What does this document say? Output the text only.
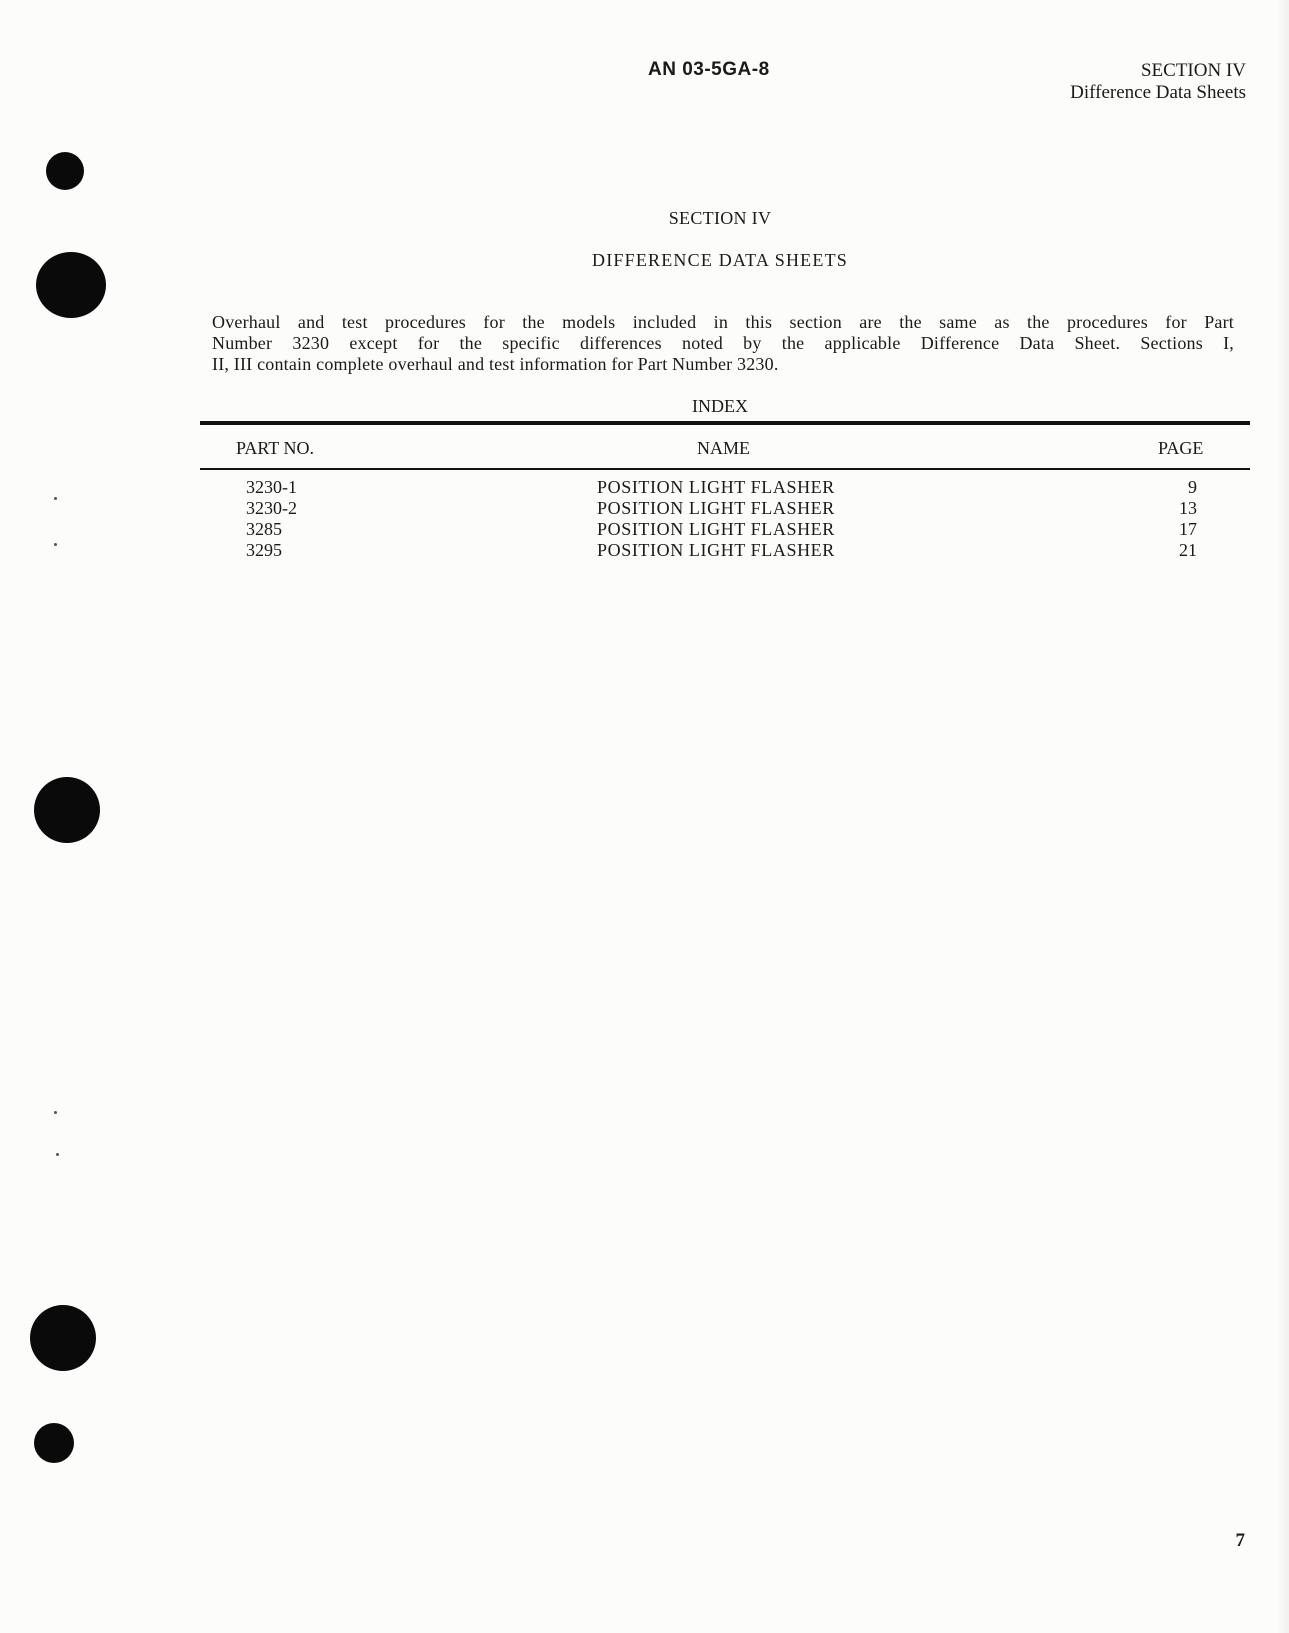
AN 03-5GA-8	SECTION IV
Difference Data Sheets
SECTION IV
DIFFERENCE DATA SHEETS
Overhaul and test procedures for the models included in this section are the same as the procedures for Part
Number 3230 except for the specific differences noted by the applicable Difference Data Sheet. Sections I,
II, III contain complete overhaul and test information for Part Number 3230.
INDEX
PART NO.	NAME	PAGE
3230-1	POSITION LIGHT FLASHER	9
3230-2	POSITION LIGHT FLASHER	13
3285	POSITION LIGHT FLASHER	17
3295	POSITION LIGHT FLASHER	21
7
